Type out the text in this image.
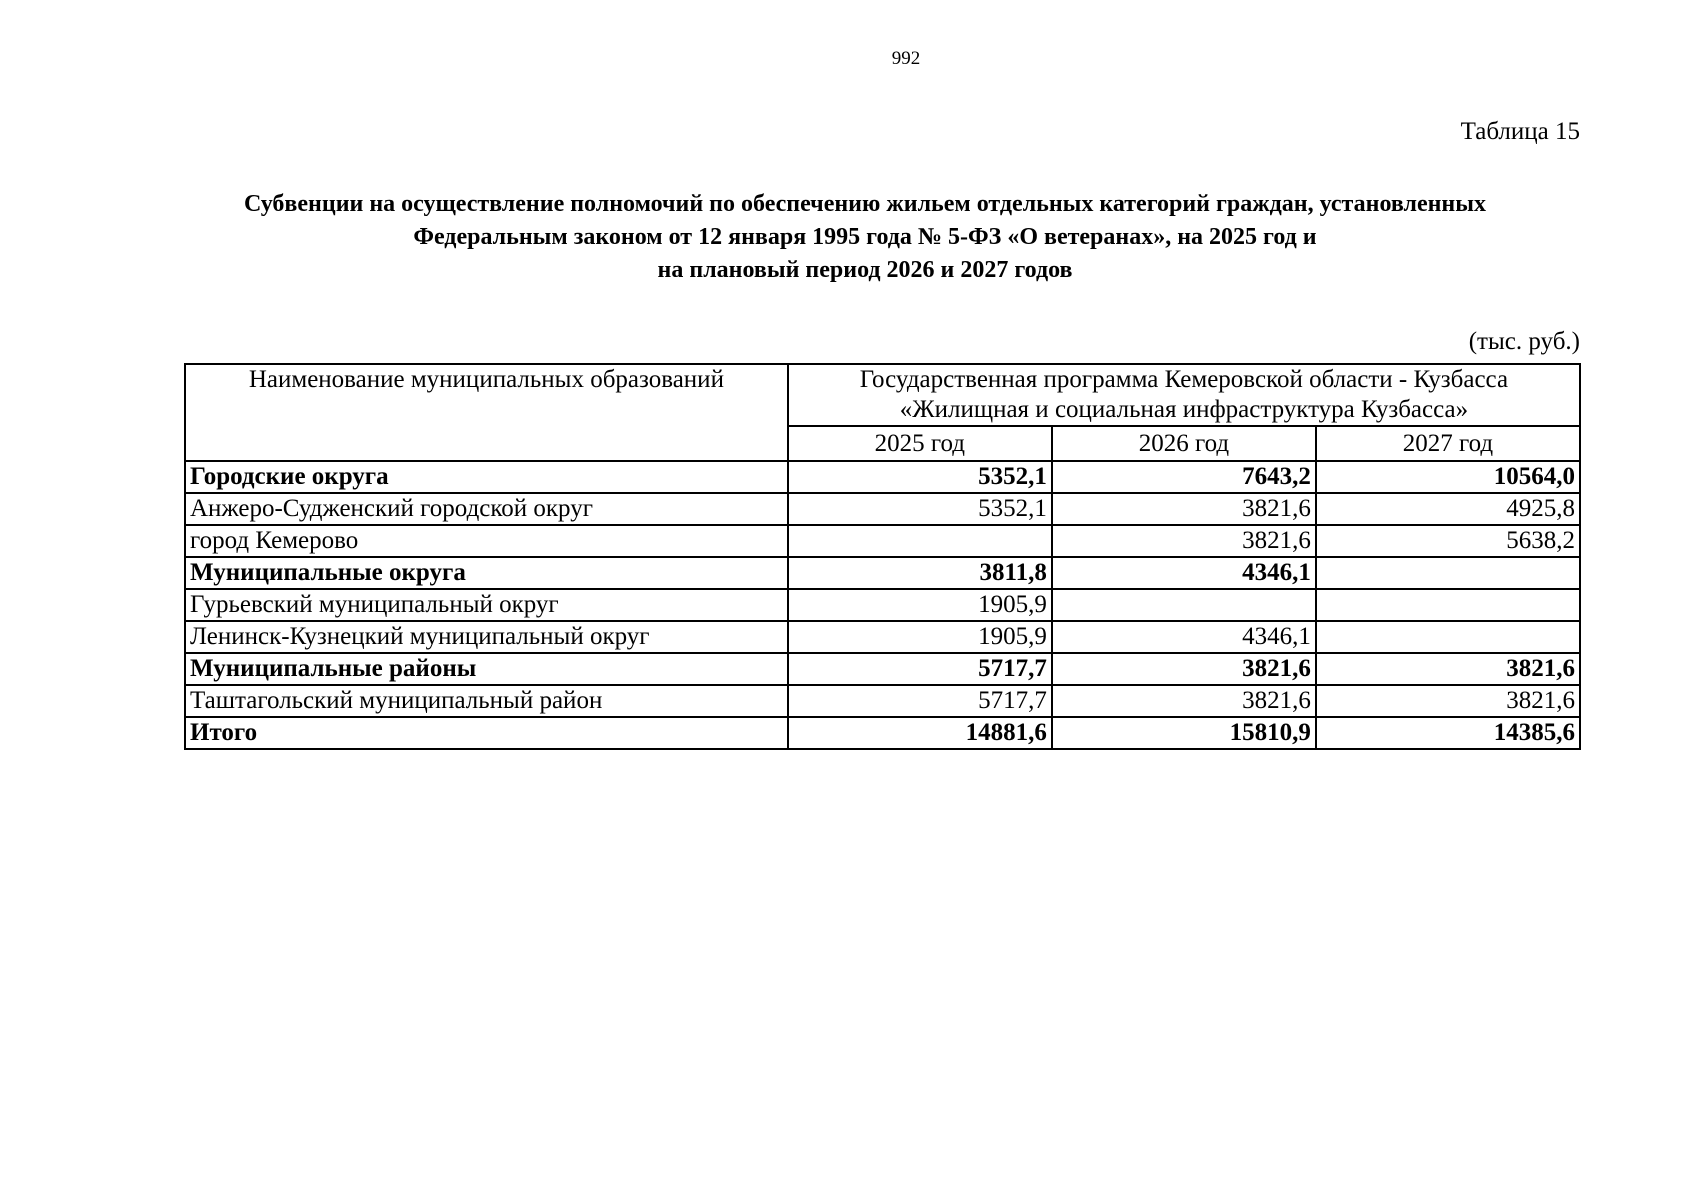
992
Таблица 15
Субвенции на осуществление полномочий по обеспечению жильем отдельных категорий граждан, установленных
Федеральным законом от 12 января 1995 года № 5-ФЗ «О ветеранах», на 2025 год и
на плановый период 2026 и 2027 годов
(тыс. руб.)
Наименование муниципальных образований	Государственная программа Кемеровской области - Кузбасса
«Жилищная и социальная инфраструктура Кузбасса»		

	2025 год	2026 год	2027 год
Городские округа	5352,1	7643,2	10564,0
Анжеро-Судженский городской округ	5352,1	3821,6	4925,8
город Кемерово		3821,6	5638,2
Муниципальные округа	3811,8	4346,1	
Гурьевский муниципальный округ	1905,9		
Ленинск-Кузнецкий муниципальный округ	1905,9	4346,1	
Муниципальные районы	5717,7	3821,6	3821,6
Таштагольский муниципальный район	5717,7	3821,6	3821,6
Итого	14881,6	15810,9	14385,6
